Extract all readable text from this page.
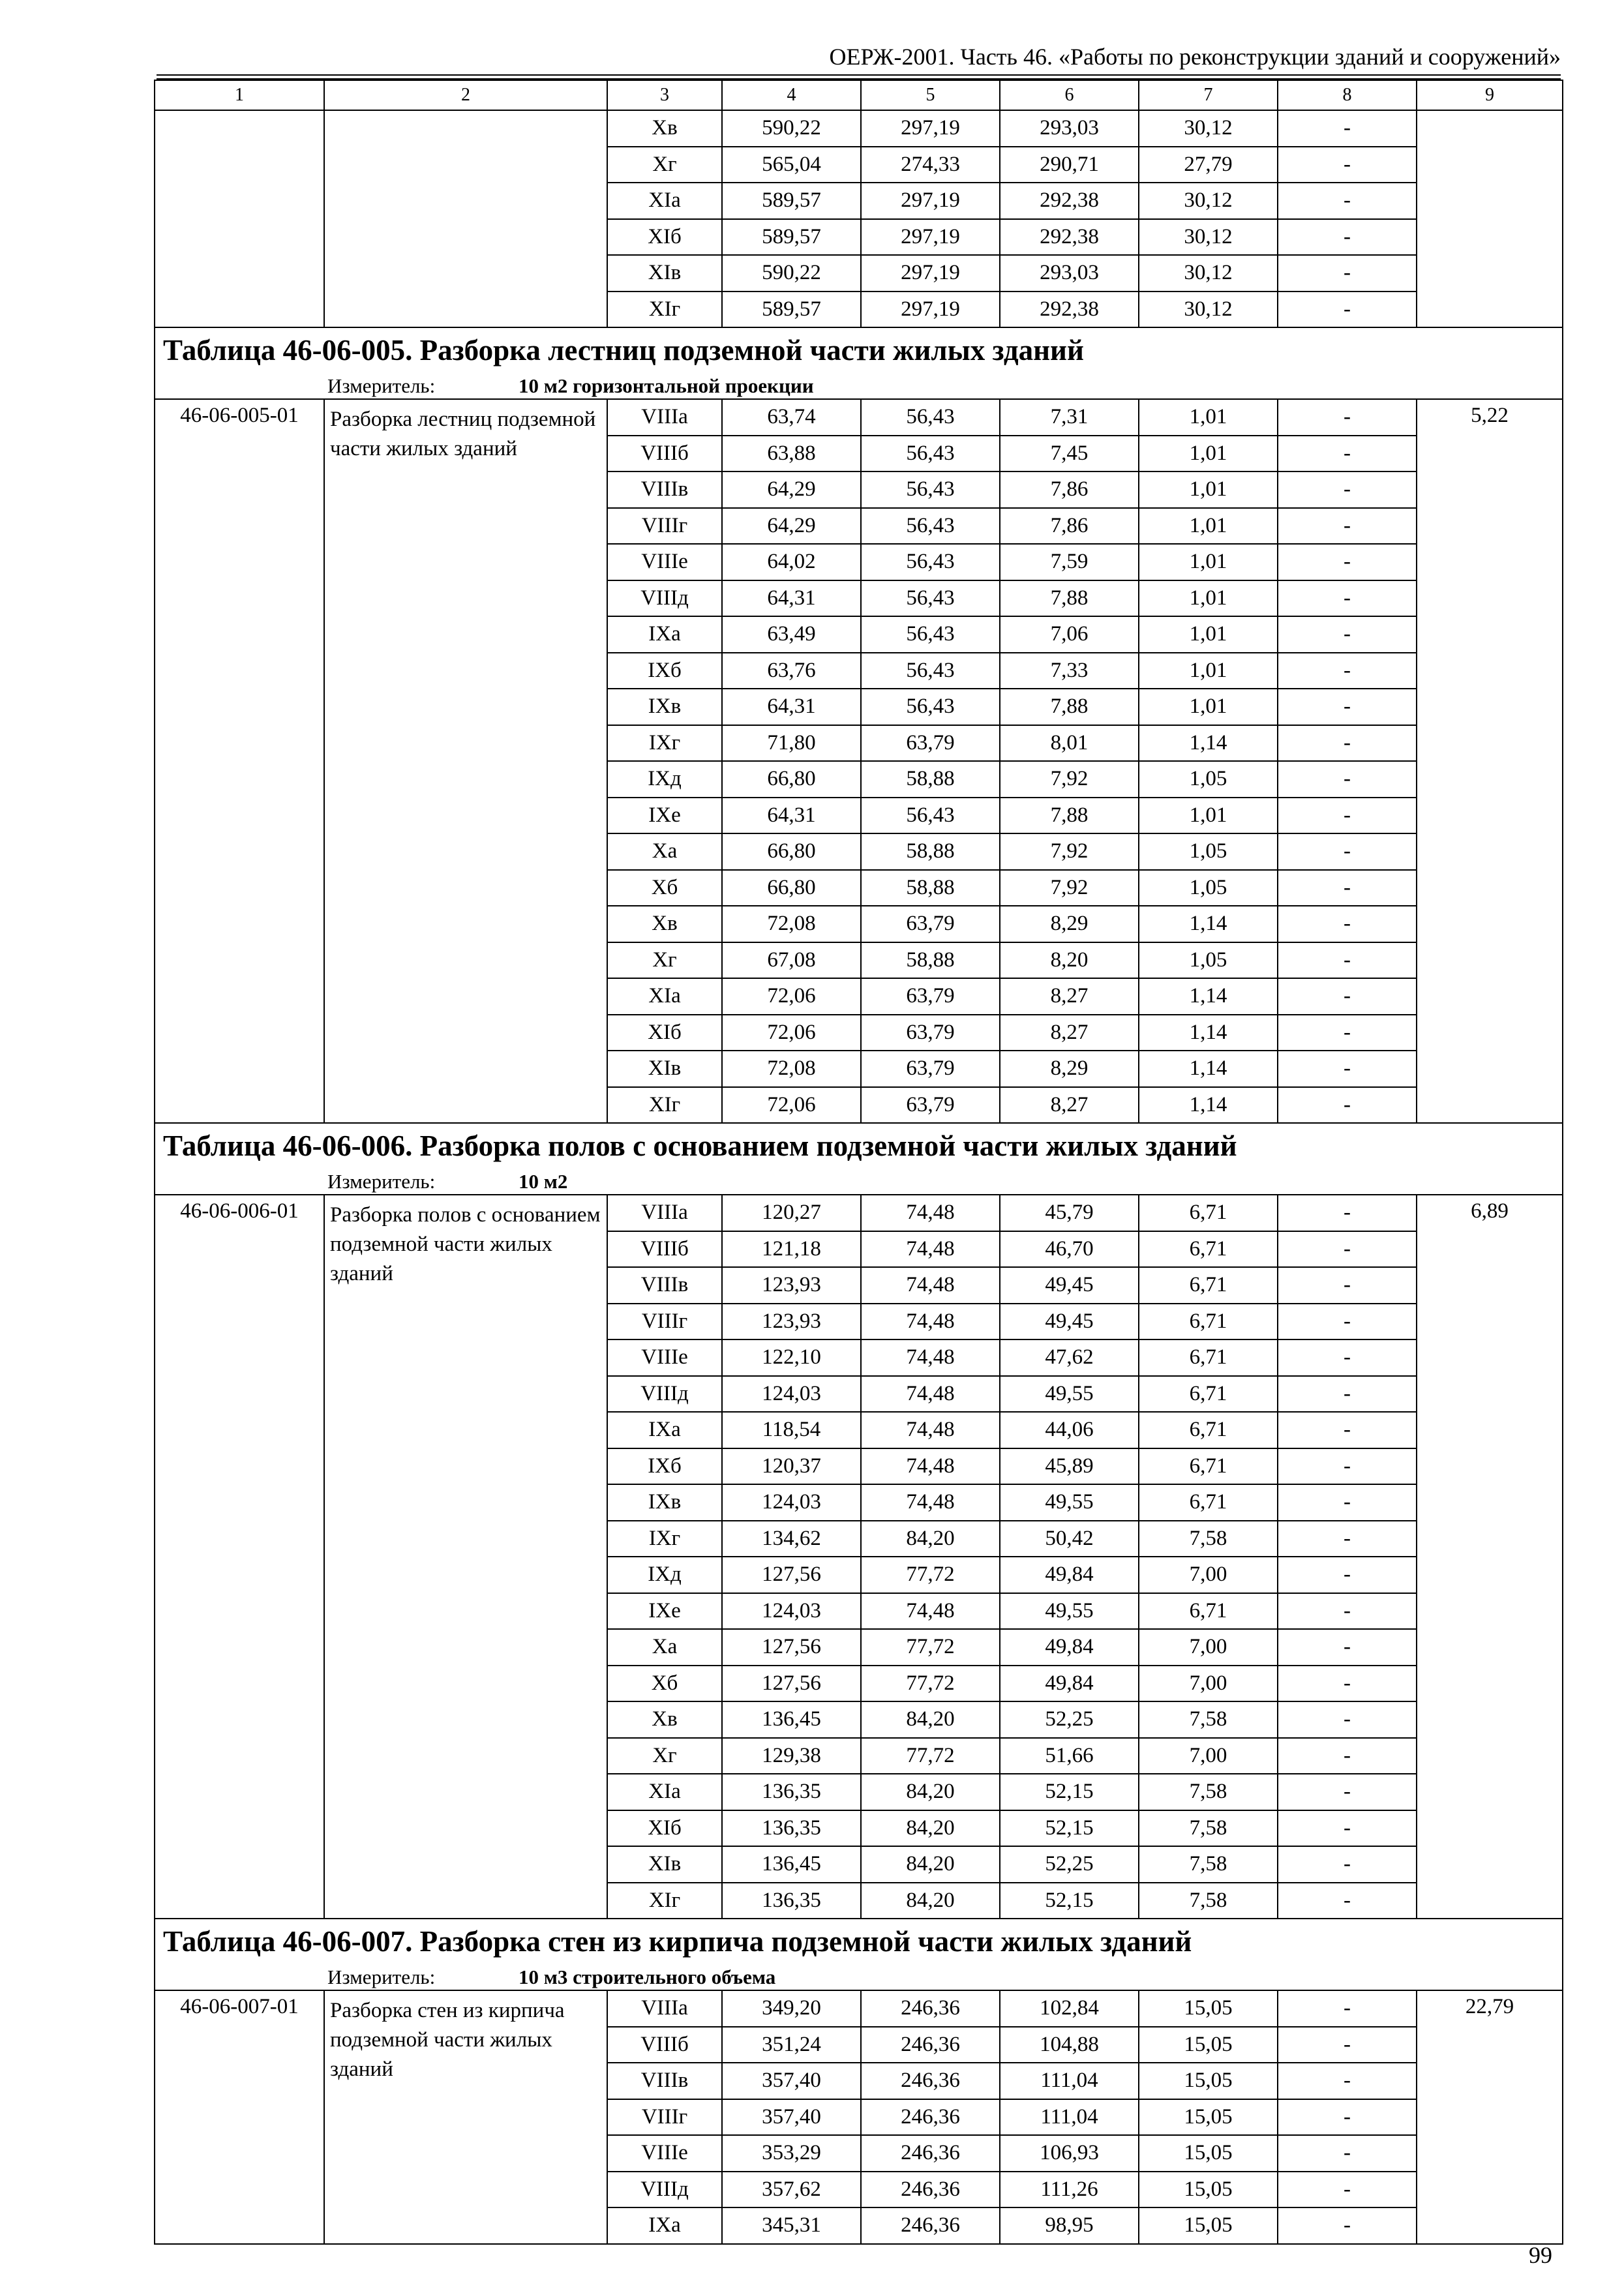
ОЕРЖ-2001. Часть 46. «Работы по реконструкции зданий и сооружений»
1	2	3	4	5	6	7	8	9
		Xв	590,22	297,19	293,03	30,12	-	
		Xг	565,04	274,33	290,71	27,79	-	
		XIa	589,57	297,19	292,38	30,12	-	
		XIб	589,57	297,19	292,38	30,12	-	
		XIв	590,22	297,19	293,03	30,12	-	
		XIг	589,57	297,19	292,38	30,12	-	
Таблица 46-06-005. Разборка лестниц подземной части жилых зданий								
Измеритель: 10 м2 горизонтальной проекции								
46-06-005-01	Разборка лестниц подземной части жилых зданий	VIIIa	63,74	56,43	7,31	1,01	-	5,22
		VIIIб	63,88	56,43	7,45	1,01	-	
		VIIIв	64,29	56,43	7,86	1,01	-	
		VIIIг	64,29	56,43	7,86	1,01	-	
		VIIIe	64,02	56,43	7,59	1,01	-	
		VIIIд	64,31	56,43	7,88	1,01	-	
		IXa	63,49	56,43	7,06	1,01	-	
		IXб	63,76	56,43	7,33	1,01	-	
		IXв	64,31	56,43	7,88	1,01	-	
		IXг	71,80	63,79	8,01	1,14	-	
		IXд	66,80	58,88	7,92	1,05	-	
		IXe	64,31	56,43	7,88	1,01	-	
		Xa	66,80	58,88	7,92	1,05	-	
		Xб	66,80	58,88	7,92	1,05	-	
		Xв	72,08	63,79	8,29	1,14	-	
		Xг	67,08	58,88	8,20	1,05	-	
		XIa	72,06	63,79	8,27	1,14	-	
		XIб	72,06	63,79	8,27	1,14	-	
		XIв	72,08	63,79	8,29	1,14	-	
		XIг	72,06	63,79	8,27	1,14	-	
Таблица 46-06-006. Разборка полов с основанием подземной части жилых зданий								
Измеритель: 10 м2								
46-06-006-01	Разборка полов с основанием подземной части жилых зданий	VIIIa	120,27	74,48	45,79	6,71	-	6,89
		VIIIб	121,18	74,48	46,70	6,71	-	
		VIIIв	123,93	74,48	49,45	6,71	-	
		VIIIг	123,93	74,48	49,45	6,71	-	
		VIIIe	122,10	74,48	47,62	6,71	-	
		VIIIд	124,03	74,48	49,55	6,71	-	
		IXa	118,54	74,48	44,06	6,71	-	
		IXб	120,37	74,48	45,89	6,71	-	
		IXв	124,03	74,48	49,55	6,71	-	
		IXг	134,62	84,20	50,42	7,58	-	
		IXд	127,56	77,72	49,84	7,00	-	
		IXe	124,03	74,48	49,55	6,71	-	
		Xa	127,56	77,72	49,84	7,00	-	
		Xб	127,56	77,72	49,84	7,00	-	
		Xв	136,45	84,20	52,25	7,58	-	
		Xг	129,38	77,72	51,66	7,00	-	
		XIa	136,35	84,20	52,15	7,58	-	
		XIб	136,35	84,20	52,15	7,58	-	
		XIв	136,45	84,20	52,25	7,58	-	
		XIг	136,35	84,20	52,15	7,58	-	
Таблица 46-06-007. Разборка стен из кирпича подземной части жилых зданий								
Измеритель: 10 м3 строительного объема								
46-06-007-01	Разборка стен из кирпича подземной части жилых зданий	VIIIa	349,20	246,36	102,84	15,05	-	22,79
		VIIIб	351,24	246,36	104,88	15,05	-	
		VIIIв	357,40	246,36	111,04	15,05	-	
		VIIIг	357,40	246,36	111,04	15,05	-	
		VIIIe	353,29	246,36	106,93	15,05	-	
		VIIIд	357,62	246,36	111,26	15,05	-	
		IXa	345,31	246,36	98,95	15,05	-	
99
